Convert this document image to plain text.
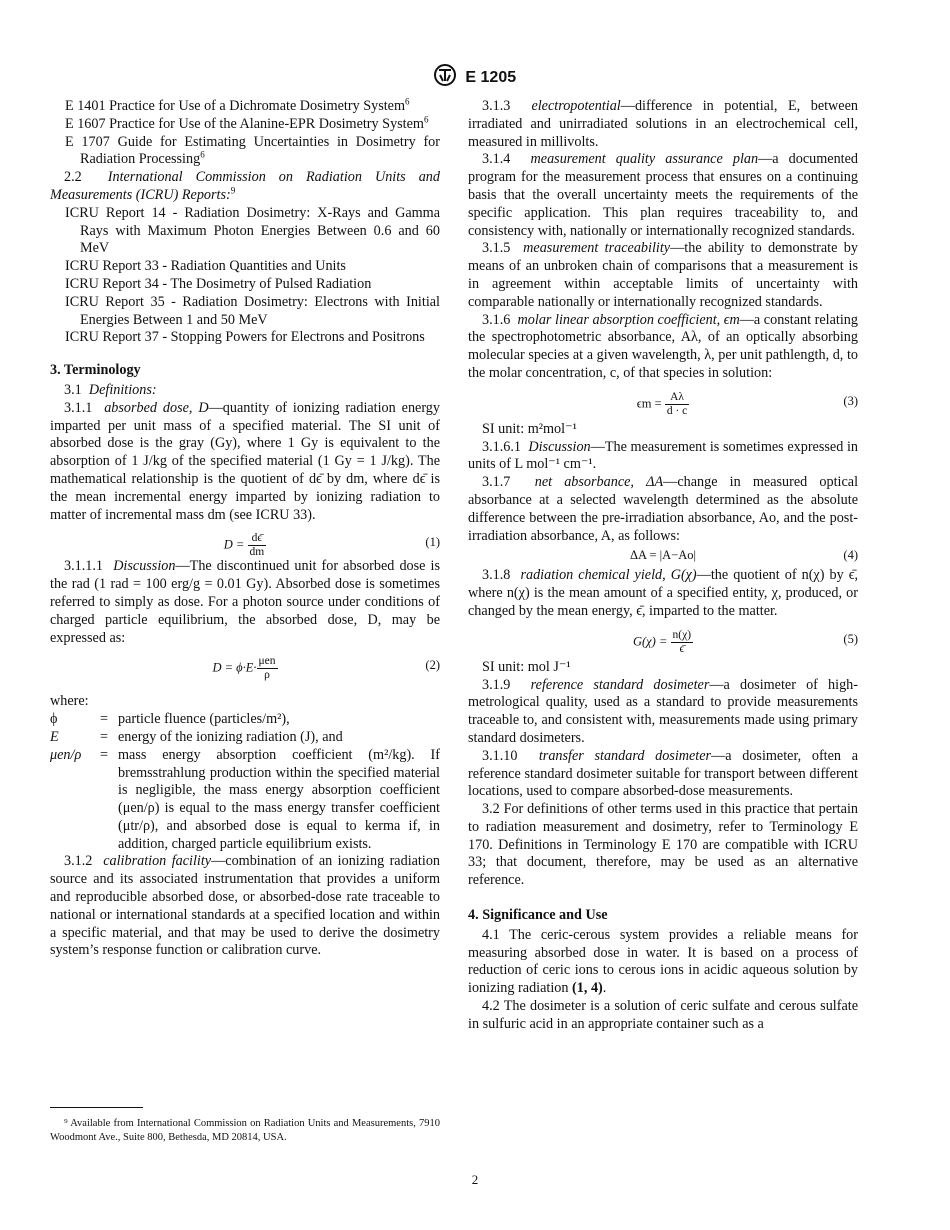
E 1205

E 1401 Practice for Use of a Dichromate Dosimetry System$^6$

E 1607 Practice for Use of the Alanine-EPR Dosimetry System$^6$

E 1707 Guide for Estimating Uncertainties in Dosimetry for Radiation Processing$^6$

2.2 International Commission on Radiation Units and Measurements (ICRU) Reports:$^9$

ICRU Report 14 - Radiation Dosimetry: X-Rays and Gamma Rays with Maximum Photon Energies Between 0.6 and 60 MeV

ICRU Report 33 - Radiation Quantities and Units

ICRU Report 34 - The Dosimetry of Pulsed Radiation

ICRU Report 35 - Radiation Dosimetry: Electrons with Initial Energies Between 1 and 50 MeV

ICRU Report 37 - Stopping Powers for Electrons and Positrons

3. Terminology

3.1 Definitions:

3.1.1 absorbed dose, D—quantity of ionizing radiation energy imparted per unit mass of a specified material. The SI unit of absorbed dose is the gray (Gy), where 1 Gy is equivalent to the absorption of 1 J/kg of the specified material (1 Gy = 1 J/kg). The mathematical relationship is the quotient of dϵ̄ by dm, where dϵ̄ is the mean incremental energy imparted by ionizing radiation to matter of incremental mass dm (see ICRU 33).

$D = \frac{d\epsilon̄}{dm}$	(1)

3.1.1.1 Discussion—The discontinued unit for absorbed dose is the rad (1 rad = 100 erg/g = 0.01 Gy). Absorbed dose is sometimes referred to simply as dose. For a photon source under conditions of charged particle equilibrium, the absorbed dose, D, may be expressed as:

$D = \phi\cdot E\cdot \frac{\text{μen}}{\rho}$	(2)

where:

ϕ	= particle fluence (particles/m²),
E	= energy of the ionizing radiation (J), and
μen/ρ	= mass energy absorption coefficient (m²/kg). If bremsstrahlung production within the specified material is negligible, the mass energy absorption coefficient (μen/ρ) is equal to the mass energy transfer coefficient (μtr/ρ), and absorbed dose is equal to kerma if, in addition, charged particle equilibrium exists.

3.1.2 calibration facility—combination of an ionizing radiation source and its associated instrumentation that provides a uniform and reproducible absorbed dose, or absorbed-dose rate traceable to national or international standards at a specified location and within a specific material, and that may be used to derive the dosimetry system’s response function or calibration curve.

3.1.3 electropotential—difference in potential, E, between irradiated and unirradiated solutions in an electrochemical cell, measured in millivolts.

3.1.4 measurement quality assurance plan—a documented program for the measurement process that ensures on a continuing basis that the overall uncertainty meets the requirements of the specific application. This plan requires traceability to, and consistency with, nationally or internationally recognized standards.

3.1.5 measurement traceability—the ability to demonstrate by means of an unbroken chain of comparisons that a measurement is in agreement within acceptable limits of uncertainty with comparable nationally or internationally recognized standards.

3.1.6 molar linear absorption coefficient, ϵm—a constant relating the spectrophotometric absorbance, Aλ, of an optically absorbing molecular species at a given wavelength, λ, per unit pathlength, d, to the molar concentration, c, of that species in solution:

$\epsilon m = \frac{A\lambda}{d \cdot c}$	(3)

SI unit: m²mol⁻¹

3.1.6.1 Discussion—The measurement is sometimes expressed in units of L mol⁻¹ cm⁻¹.

3.1.7 net absorbance, ΔA—change in measured optical absorbance at a selected wavelength determined as the absolute difference between the pre-irradiation absorbance, Ao, and the post-irradiation absorbance, A, as follows:

ΔA = |A−Ao|	(4)

3.1.8 radiation chemical yield, G(χ)—the quotient of n(χ) by ϵ̄, where n(χ) is the mean amount of a specified entity, χ, produced, or changed by the mean energy, ϵ̄, imparted to the matter.

$G(\chi) = \frac{n(\chi)}{\epsilon̄}$	(5)

SI unit: mol J⁻¹

3.1.9 reference standard dosimeter—a dosimeter of high-metrological quality, used as a standard to provide measurements traceable to, and consistent with, measurements made using primary standard dosimeters.

3.1.10 transfer standard dosimeter—a dosimeter, often a reference standard dosimeter suitable for transport between different locations, used to compare absorbed-dose measurements.

3.2 For definitions of other terms used in this practice that pertain to radiation measurement and dosimetry, refer to Terminology E 170. Definitions in Terminology E 170 are compatible with ICRU 33; that document, therefore, may be used as an alternative reference.

4. Significance and Use

4.1 The ceric-cerous system provides a reliable means for measuring absorbed dose in water. It is based on a process of reduction of ceric ions to cerous ions in acidic aqueous solution by ionizing radiation (1, 4).

4.2 The dosimeter is a solution of ceric sulfate and cerous sulfate in sulfuric acid in an appropriate container such as a

⁹ Available from International Commission on Radiation Units and Measurements, 7910 Woodmont Ave., Suite 800, Bethesda, MD 20814, USA.

2
